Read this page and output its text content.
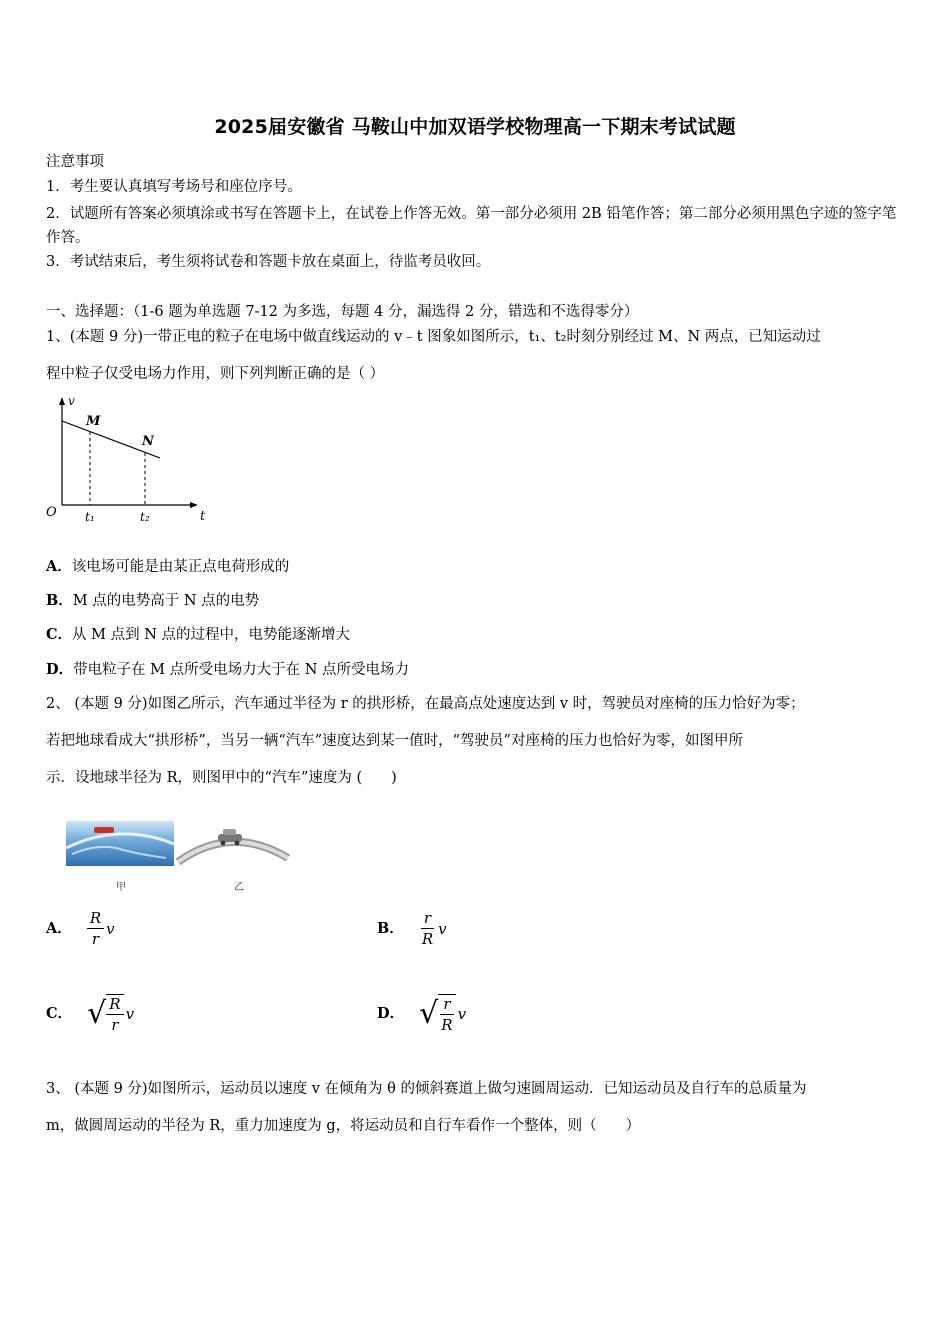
2025届安徽省 马鞍山中加双语学校物理高一下期末考试试题
注意事项
1．考生要认真填写考场号和座位序号。
2．试题所有答案必须填涂或书写在答题卡上，在试卷上作答无效。第一部分必须用 2B 铅笔作答；第二部分必须用黑色字迹的签字笔作答。
3．考试结束后，考生须将试卷和答题卡放在桌面上，待监考员收回。
一、选择题：（1-6 题为单选题 7-12 为多选，每题 4 分，漏选得 2 分，错选和不选得零分）
1、(本题 9 分)一带正电的粒子在电场中做直线运动的 v﹣t 图象如图所示，t₁、t₂时刻分别经过 M、N 两点，已知运动过
程中粒子仅受电场力作用，则下列判断正确的是（ ）
v
t
O
M
N
t₁	t₂
A．该电场可能是由某正点电荷形成的
B．M 点的电势高于 N 点的电势
C．从 M 点到 N 点的过程中，电势能逐渐增大
D．带电粒子在 M 点所受电场力大于在 N 点所受电场力
2、 (本题 9 分)如图乙所示，汽车通过半径为 r 的拱形桥，在最高点处速度达到 v 时，驾驶员对座椅的压力恰好为零；
若把地球看成大“拱形桥”，当另一辆“汽车”速度达到某一值时，“驾驶员”对座椅的压力也恰好为零，如图甲所
示．设地球半径为 R，则图甲中的“汽车”速度为 (　　)
甲	乙
A． $\frac{R}{r}$ v	B． $\frac{r}{R}$ v
C． √ $\frac{R}{r}$ v	D． √ $\frac{r}{R}$ v
3、 (本题 9 分)如图所示，运动员以速度 v 在倾角为 θ 的倾斜赛道上做匀速圆周运动．已知运动员及自行车的总质量为
m，做圆周运动的半径为 R，重力加速度为 g，将运动员和自行车看作一个整体，则（　　）
